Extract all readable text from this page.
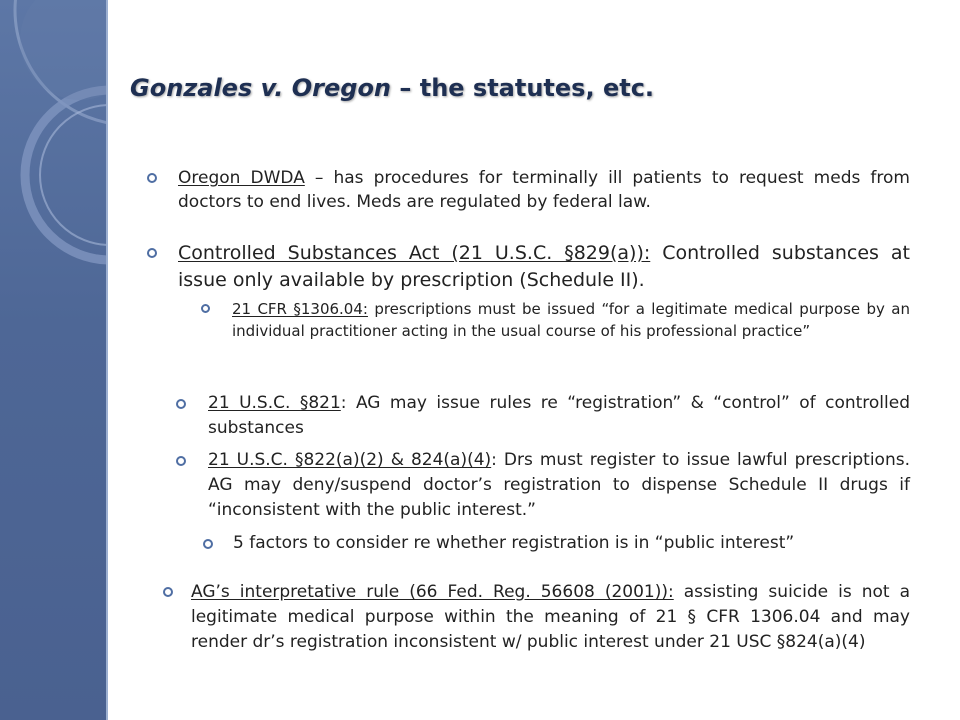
Gonzales v. Oregon – the statutes, etc.
Oregon DWDA – has procedures for terminally ill patients to request meds from doctors to end lives. Meds are regulated by federal law.
Controlled Substances Act (21 U.S.C. §829(a)): Controlled substances at issue only available by prescription (Schedule II).
21 CFR §1306.04: prescriptions must be issued “for a legitimate medical purpose by an individual practitioner acting in the usual course of his professional practice”
21 U.S.C. §821: AG may issue rules re “registration” & “control” of controlled substances
21 U.S.C. §822(a)(2) & 824(a)(4): Drs must register to issue lawful prescriptions. AG may deny/suspend doctor’s registration to dispense Schedule II drugs if “inconsistent with the public interest.”
5 factors to consider re whether registration is in “public interest”
AG’s interpretative rule (66 Fed. Reg. 56608 (2001)): assisting suicide is not a legitimate medical purpose within the meaning of 21 § CFR 1306.04 and may render dr’s registration inconsistent w/ public interest under 21 USC §824(a)(4)
